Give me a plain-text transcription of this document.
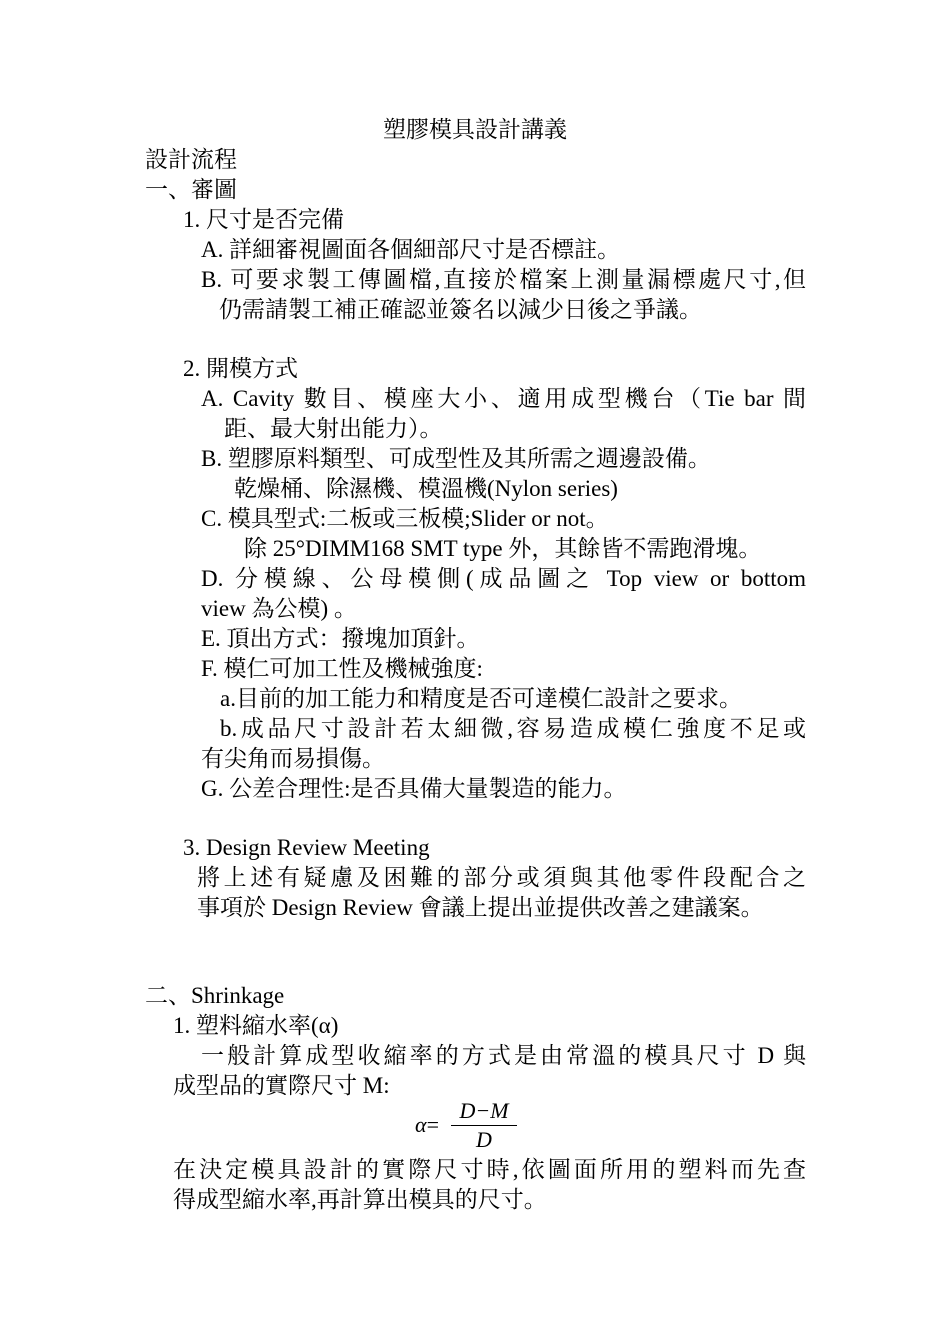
塑膠模具設計講義
設計流程
一、審圖
1. 尺寸是否完備
A. 詳細審視圖面各個細部尺寸是否標註。
B. 可要求製工傳圖檔,直接於檔案上測量漏標處尺寸,但
仍需請製工補正確認並簽名以減少日後之爭議。
2. 開模方式
A. Cavity 數目、模座大小、適用成型機台（Tie bar 間
距、最大射出能力）。
B. 塑膠原料類型、可成型性及其所需之週邊設備。
乾燥桶、除濕機、模溫機(Nylon series)
C. 模具型式:二板或三板模;Slider or not。
除 25°DIMM168 SMT type 外，其餘皆不需跑滑塊。
D. 分模線、公母模側(成品圖之 Top view or bottom
view 為公模) 。
E. 頂出方式：撥塊加頂針。
F. 模仁可加工性及機械強度:
a.目前的加工能力和精度是否可達模仁設計之要求。
b.成品尺寸設計若太細微,容易造成模仁強度不足或
有尖角而易損傷。
G. 公差合理性:是否具備大量製造的能力。
3. Design Review Meeting
將上述有疑慮及困難的部分或須與其他零件段配合之
事項於 Design Review 會議上提出並提供改善之建議案。
二、Shrinkage
1. 塑料縮水率(α)
一般計算成型收縮率的方式是由常溫的模具尺寸 D 與
成型品的實際尺寸 M:
α=
D−M
D
在決定模具設計的實際尺寸時,依圖面所用的塑料而先查
得成型縮水率,再計算出模具的尺寸。
